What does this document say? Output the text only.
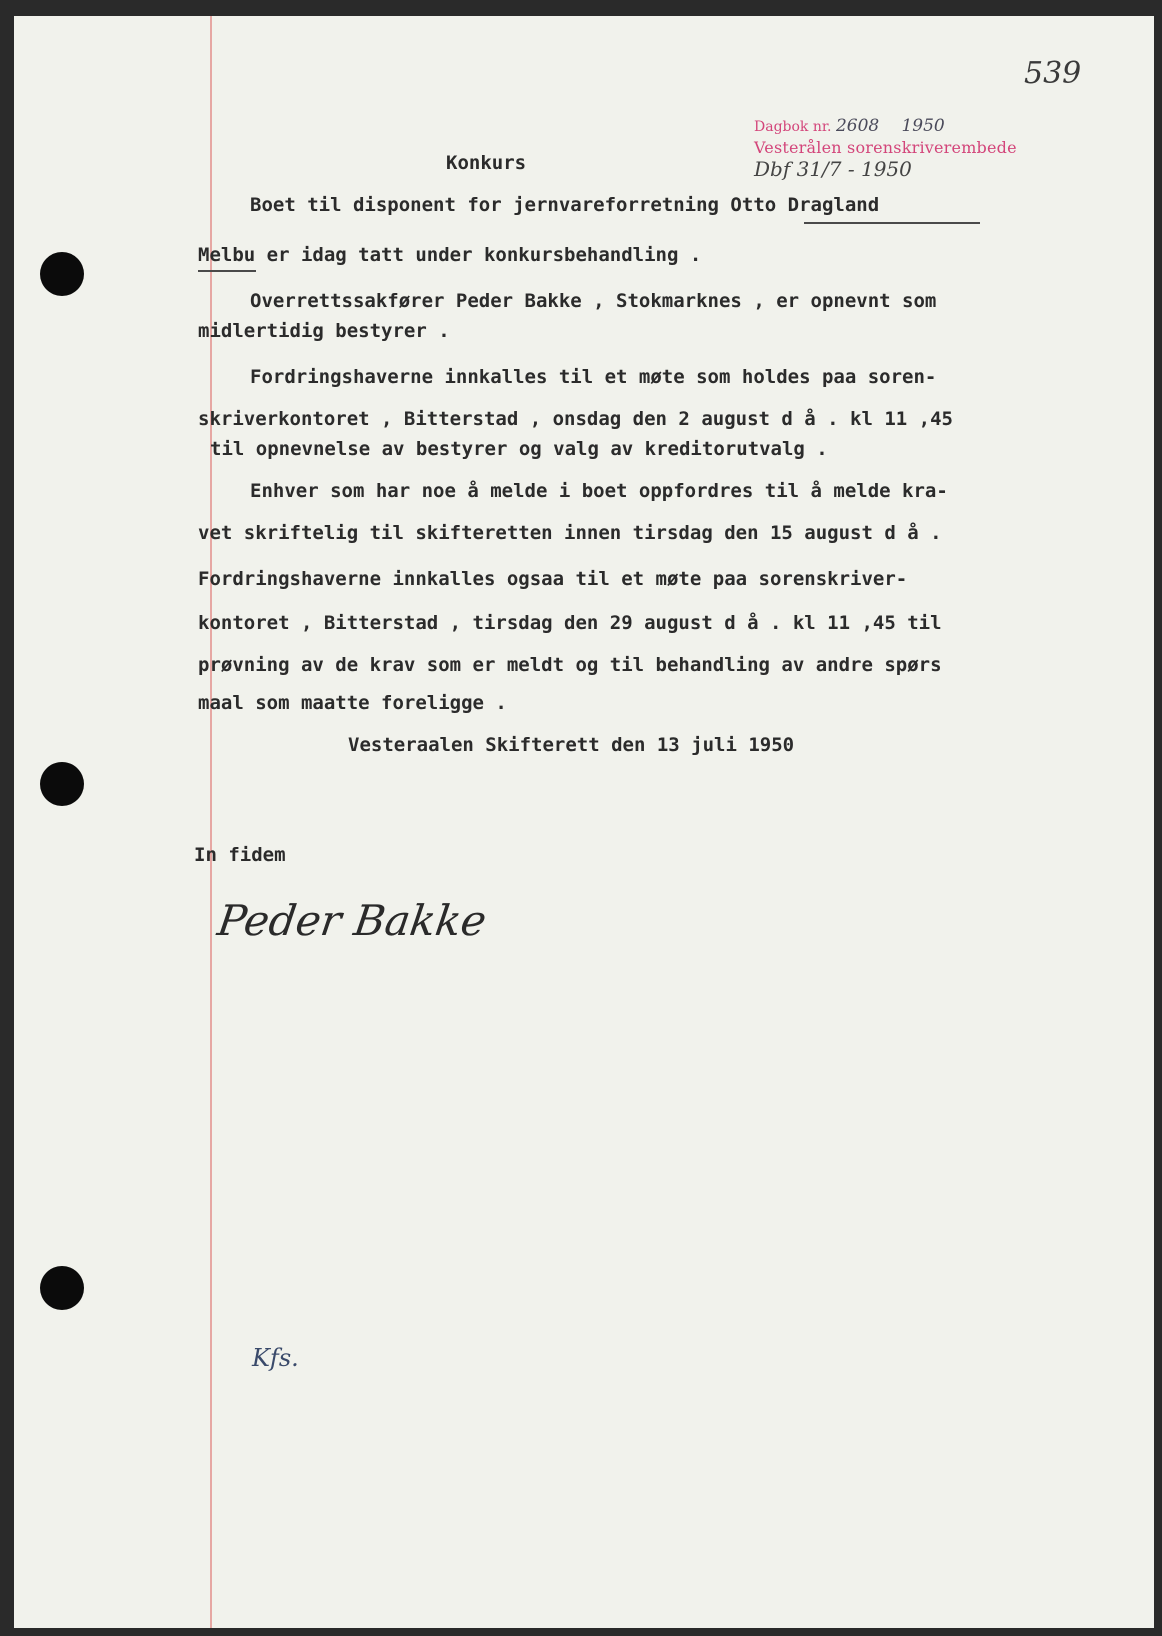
539
Dagbok nr. 2608 1950
Vesterålen sorenskriverembede
Dbf 31/7 - 1950
Konkurs
Boet til disponent for jernvareforretning Otto Dragland
Melbu er idag tatt under konkursbehandling .
Overrettssakfører Peder Bakke , Stokmarknes , er opnevnt som
midlertidig bestyrer .
Fordringshaverne innkalles til et møte som holdes paa soren-
skriverkontoret , Bitterstad , onsdag den 2 august d å . kl 11 ,45
til opnevnelse av bestyrer og valg av kreditorutvalg .
Enhver som har noe å melde i boet oppfordres til å melde kra-
vet skriftelig til skifteretten innen tirsdag den 15 august d å .
Fordringshaverne innkalles ogsaa til et møte paa sorenskriver-
kontoret , Bitterstad , tirsdag den 29 august d å . kl 11 ,45 til
prøvning av de krav som er meldt og til behandling av andre spørs
maal som maatte foreligge .
Vesteraalen Skifterett den 13 juli 1950
In fidem
Peder Bakke
Kfs.
